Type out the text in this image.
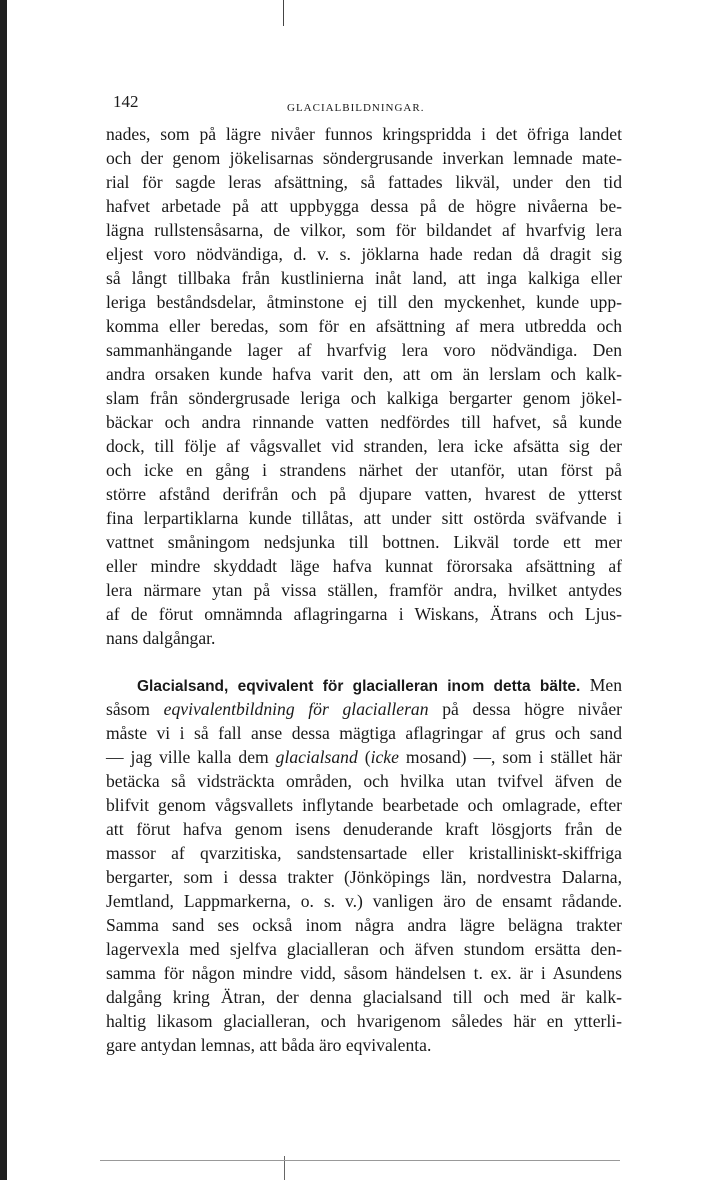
142	GLACIALBILDNINGAR.
nades, som på lägre nivåer funnos kringspridda i det öfriga landet
och der genom jökelisarnas söndergrusande inverkan lemnade mate-
rial för sagde leras afsättning, så fattades likväl, under den tid
hafvet arbetade på att uppbygga dessa på de högre nivåerna be-
lägna rullstensåsarna, de vilkor, som för bildandet af hvarfvig lera
eljest voro nödvändiga, d. v. s. jöklarna hade redan då dragit sig
så långt tillbaka från kustlinierna inåt land, att inga kalkiga eller
leriga beståndsdelar, åtminstone ej till den myckenhet, kunde upp-
komma eller beredas, som för en afsättning af mera utbredda och
sammanhängande lager af hvarfvig lera voro nödvändiga. Den
andra orsaken kunde hafva varit den, att om än lerslam och kalk-
slam från söndergrusade leriga och kalkiga bergarter genom jökel-
bäckar och andra rinnande vatten nedfördes till hafvet, så kunde
dock, till följe af vågsvallet vid stranden, lera icke afsätta sig der
och icke en gång i strandens närhet der utanför, utan först på
större afstånd derifrån och på djupare vatten, hvarest de ytterst
fina lerpartiklarna kunde tillåtas, att under sitt ostörda sväfvande i
vattnet småningom nedsjunka till bottnen. Likväl torde ett mer
eller mindre skyddadt läge hafva kunnat förorsaka afsättning af
lera närmare ytan på vissa ställen, framför andra, hvilket antydes
af de förut omnämnda aflagringarna i Wiskans, Ätrans och Ljus-
nans dalgångar.
Glacialsand, eqvivalent för glacialleran inom detta bälte. Men
såsom eqvivalentbildning för glacialleran på dessa högre nivåer
måste vi i så fall anse dessa mägtiga aflagringar af grus och sand
— jag ville kalla dem glacialsand (icke mosand) —, som i stället här
betäcka så vidsträckta områden, och hvilka utan tvifvel äfven de
blifvit genom vågsvallets inflytande bearbetade och omlagrade, efter
att förut hafva genom isens denuderande kraft lösgjorts från de
massor af qvarzitiska, sandstensartade eller kristalliniskt-skiffriga
bergarter, som i dessa trakter (Jönköpings län, nordvestra Dalarna,
Jemtland, Lappmarkerna, o. s. v.) vanligen äro de ensamt rådande.
Samma sand ses också inom några andra lägre belägna trakter
lagervexla med sjelfva glacialleran och äfven stundom ersätta den-
samma för någon mindre vidd, såsom händelsen t. ex. är i Asundens
dalgång kring Ätran, der denna glacialsand till och med är kalk-
haltig likasom glacialleran, och hvarigenom således här en ytterli-
gare antydan lemnas, att båda äro eqvivalenta.
